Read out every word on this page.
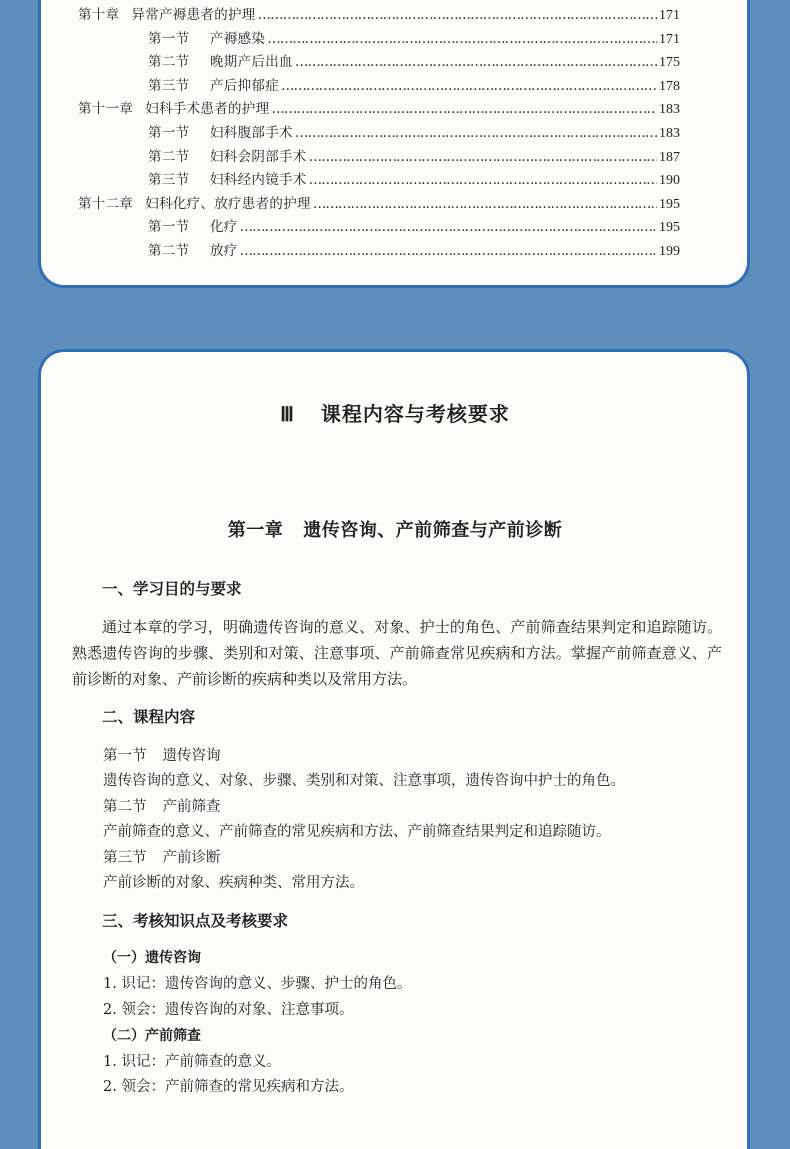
第十章 异常产褥患者的护理 ……………………………………………………………………………………………………………………………………………………………………	171
第一节 产褥感染 ……………………………………………………………………………………………………………………………………………………………………	171
第二节 晚期产后出血 ……………………………………………………………………………………………………………………………………………………………………	175
第三节 产后抑郁症 ……………………………………………………………………………………………………………………………………………………………………	178
第十一章 妇科手术患者的护理 ……………………………………………………………………………………………………………………………………………………………………	183
第一节 妇科腹部手术 ……………………………………………………………………………………………………………………………………………………………………	183
第二节 妇科会阴部手术 ……………………………………………………………………………………………………………………………………………………………………	187
第三节 妇科经内镜手术 ……………………………………………………………………………………………………………………………………………………………………	190
第十二章 妇科化疗、放疗患者的护理 ……………………………………………………………………………………………………………………………………………………………………	195
第一节 化疗 ……………………………………………………………………………………………………………………………………………………………………	195
第二节 放疗 ……………………………………………………………………………………………………………………………………………………………………	199
Ⅲ 课程内容与考核要求
第一章 遗传咨询、产前筛查与产前诊断
一、学习目的与要求

通过本章的学习，明确遗传咨询的意义、对象、护士的角色、产前筛查结果判定和追踪随访。熟悉遗传咨询的步骤、类别和对策、注意事项、产前筛查常见疾病和方法。掌握产前筛查意义、产前诊断的对象、产前诊断的疾病种类以及常用方法。

二、课程内容
第一节 遗传咨询
遗传咨询的意义、对象、步骤、类别和对策、注意事项，遗传咨询中护士的角色。
第二节 产前筛查
产前筛查的意义、产前筛查的常见疾病和方法、产前筛查结果判定和追踪随访。
第三节 产前诊断
产前诊断的对象、疾病种类、常用方法。
三、考核知识点及考核要求
（一）遗传咨询
1. 识记：遗传咨询的意义、步骤、护士的角色。
2. 领会：遗传咨询的对象、注意事项。
（二）产前筛查
1. 识记：产前筛查的意义。
2. 领会：产前筛查的常见疾病和方法。
